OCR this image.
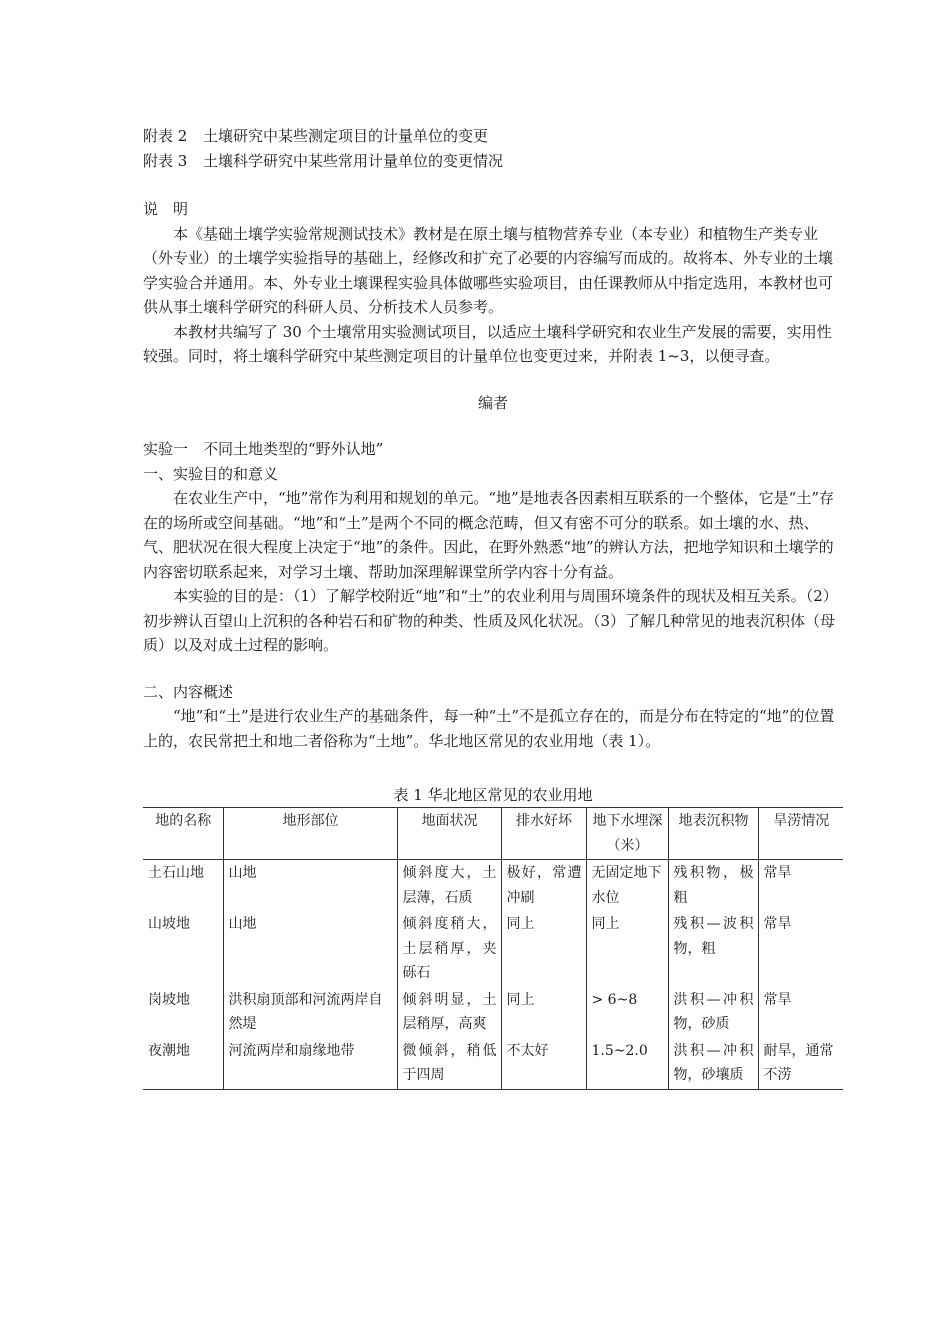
附表 2 土壤研究中某些测定项目的计量单位的变更
附表 3 土壤科学研究中某些常用计量单位的变更情况
说　明

本《基础土壤学实验常规测试技术》教材是在原土壤与植物营养专业（本专业）和植物生产类专业（外专业）的土壤学实验指导的基础上，经修改和扩充了必要的内容编写而成的。故将本、外专业的土壤学实验合并通用。本、外专业土壤课程实验具体做哪些实验项目，由任课教师从中指定选用，本教材也可供从事土壤科学研究的科研人员、分析技术人员参考。

本教材共编写了 30 个土壤常用实验测试项目，以适应土壤科学研究和农业生产发展的需要，实用性较强。同时，将土壤科学研究中某些测定项目的计量单位也变更过来，并附表 1~3，以便寻查。

编者
实验一　不同土地类型的“野外认地”
一、实验目的和意义

在农业生产中，“地”常作为利用和规划的单元。“地”是地表各因素相互联系的一个整体，它是“土”存在的场所或空间基础。“地”和“土”是两个不同的概念范畴，但又有密不可分的联系。如土壤的水、热、气、肥状况在很大程度上决定于“地”的条件。因此，在野外熟悉“地”的辨认方法，把地学知识和土壤学的内容密切联系起来，对学习土壤、帮助加深理解课堂所学内容十分有益。

本实验的目的是：（1）了解学校附近“地”和“土”的农业利用与周围环境条件的现状及相互关系。（2）初步辨认百望山上沉积的各种岩石和矿物的种类、性质及风化状况。（3）了解几种常见的地表沉积体（母质）以及对成土过程的影响。

二、内容概述

“地”和“土”是进行农业生产的基础条件，每一种“土”不是孤立存在的，而是分布在特定的“地”的位置上的，农民常把土和地二者俗称为“土地”。华北地区常见的农业用地（表 1）。

表 1 华北地区常见的农业用地
地的名称	地形部位	地面状况	排水好坏	地下水埋深（米）	地表沉积物	旱涝情况
土石山地	山地	倾斜度大，土层薄，石质	极好，常遭冲刷	无固定地下水位	残积物，极粗	常旱
山坡地	山地	倾斜度稍大，土层稍厚，夹砾石	同上	同上	残积—波积物，粗	常旱
岗坡地	洪积扇顶部和河流两岸自然堤	倾斜明显，土层稍厚，高爽	同上	> 6~8	洪积—冲积物，砂质	常旱
夜潮地	河流两岸和扇缘地带	微倾斜，稍低于四周	不太好	1.5~2.0	洪积—冲积物，砂壤质	耐旱，通常不涝
